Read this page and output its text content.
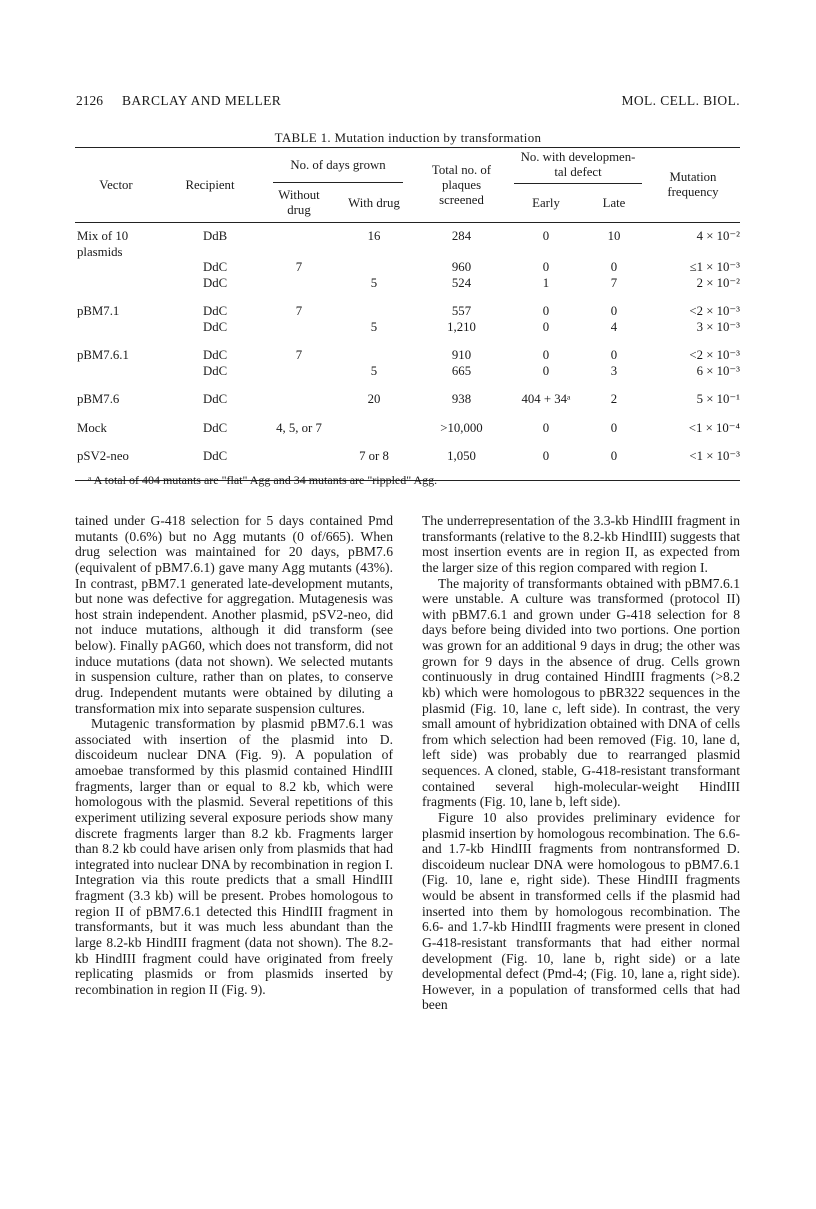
2126 BARCLAY AND MELLER	MOL. CELL. BIOL.
TABLE 1. Mutation induction by transformation
Vector	Recipient	No. of days grown		Total no. of plaques screened	No. with developmen- tal defect		Mutation frequency
		Without drug	With drug		Early	Late	
Mix of 10	DdB		16	284	0	10	4 × 10⁻²
plasmids							
	DdC	7		960	0	0	≤1 × 10⁻³
	DdC		5	524	1	7	2 × 10⁻²

pBM7.1	DdC	7		557	0	0	<2 × 10⁻³
	DdC		5	1,210	0	4	3 × 10⁻³

pBM7.6.1	DdC	7		910	0	0	<2 × 10⁻³
	DdC		5	665	0	3	6 × 10⁻³

pBM7.6	DdC		20	938	404 + 34ᵃ	2	5 × 10⁻¹

Mock	DdC	4, 5, or 7		>10,000	0	0	<1 × 10⁻⁴

pSV2-neo	DdC		7 or 8	1,050	0	0	<1 × 10⁻³

ᵃ A total of 404 mutants are "flat" Agg and 34 mutants are "rippled" Agg.

tained under G-418 selection for 5 days contained Pmd mutants (0.6%) but no Agg mutants (0 of/665). When drug selection was maintained for 20 days, pBM7.6 (equivalent of pBM7.6.1) gave many Agg mutants (43%). In contrast, pBM7.1 generated late-development mutants, but none was defective for aggregation. Mutagenesis was host strain independent. Another plasmid, pSV2-neo, did not induce mutations, although it did transform (see below). Finally pAG60, which does not transform, did not induce mutations (data not shown). We selected mutants in suspension culture, rather than on plates, to conserve drug. Independent mutants were obtained by diluting a transformation mix into separate suspension cultures.

Mutagenic transformation by plasmid pBM7.6.1 was associated with insertion of the plasmid into D. discoideum nuclear DNA (Fig. 9). A population of amoebae transformed by this plasmid contained HindIII fragments, larger than or equal to 8.2 kb, which were homologous with the plasmid. Several repetitions of this experiment utilizing several exposure periods show many discrete fragments larger than 8.2 kb. Fragments larger than 8.2 kb could have arisen only from plasmids that had integrated into nuclear DNA by recombination in region I. Integration via this route predicts that a small HindIII fragment (3.3 kb) will be present. Probes homologous to region II of pBM7.6.1 detected this HindIII fragment in transformants, but it was much less abundant than the large 8.2-kb HindIII fragment (data not shown). The 8.2-kb HindIII fragment could have originated from freely replicating plasmids or from plasmids inserted by recombination in region II (Fig. 9).

The underrepresentation of the 3.3-kb HindIII fragment in transformants (relative to the 8.2-kb HindIII) suggests that most insertion events are in region II, as expected from the larger size of this region compared with region I.

The majority of transformants obtained with pBM7.6.1 were unstable. A culture was transformed (protocol II) with pBM7.6.1 and grown under G-418 selection for 8 days before being divided into two portions. One portion was grown for an additional 9 days in drug; the other was grown for 9 days in the absence of drug. Cells grown continuously in drug contained HindIII fragments (>8.2 kb) which were homologous to pBR322 sequences in the plasmid (Fig. 10, lane c, left side). In contrast, the very small amount of hybridization obtained with DNA of cells from which selection had been removed (Fig. 10, lane d, left side) was probably due to rearranged plasmid sequences. A cloned, stable, G-418-resistant transformant contained several high-molecular-weight HindIII fragments (Fig. 10, lane b, left side).

Figure 10 also provides preliminary evidence for plasmid insertion by homologous recombination. The 6.6- and 1.7-kb HindIII fragments from nontransformed D. discoideum nuclear DNA were homologous to pBM7.6.1 (Fig. 10, lane e, right side). These HindIII fragments would be absent in transformed cells if the plasmid had inserted into them by homologous recombination. The 6.6- and 1.7-kb HindIII fragments were present in cloned G-418-resistant transformants that had either normal development (Fig. 10, lane b, right side) or a late developmental defect (Pmd-4; (Fig. 10, lane a, right side). However, in a population of transformed cells that had been
